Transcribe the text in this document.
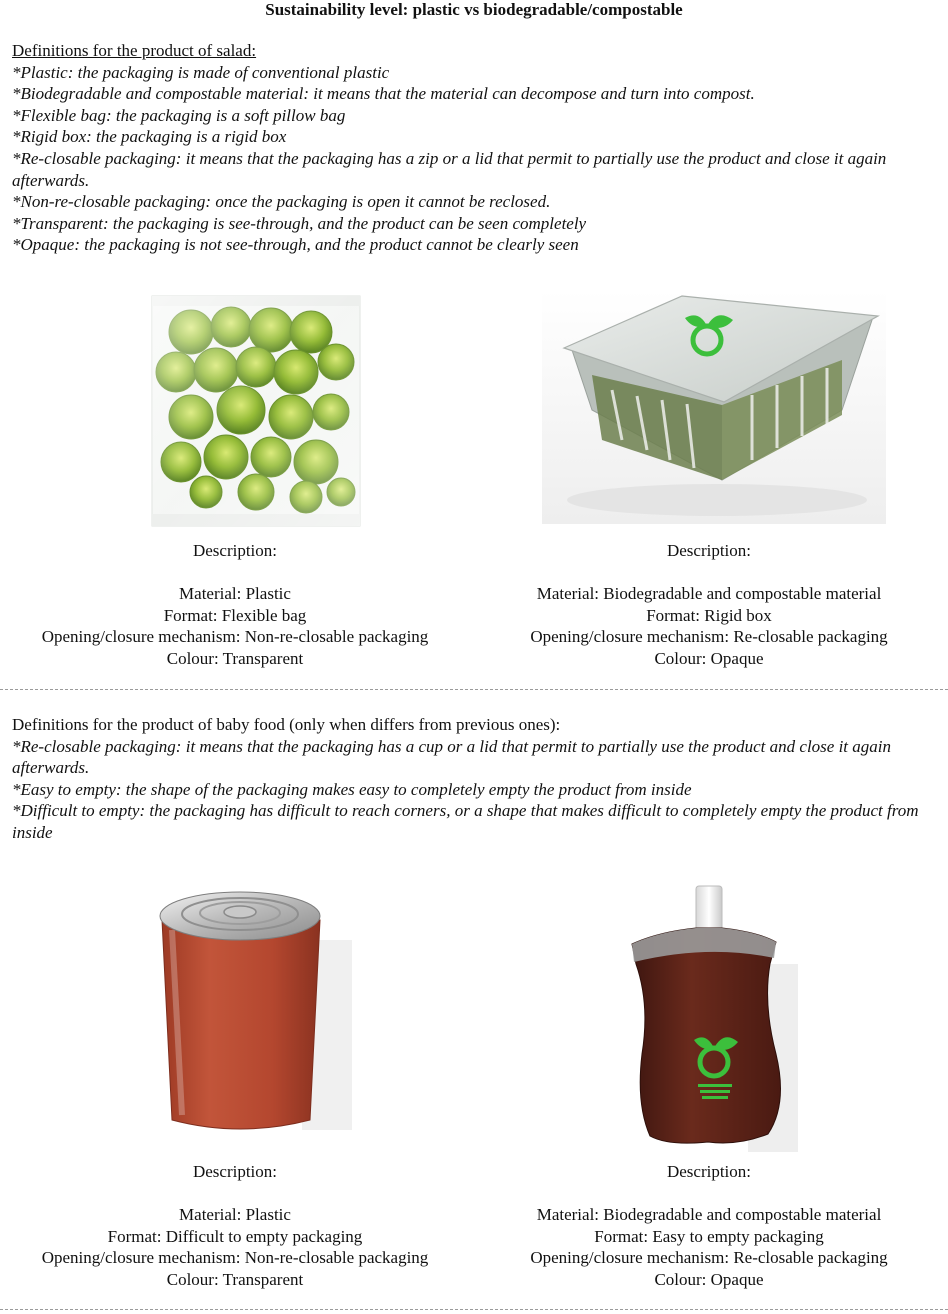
Sustainability level: plastic vs biodegradable/compostable
Definitions for the product of salad:
*Plastic: the packaging is made of conventional plastic
*Biodegradable and compostable material: it means that the material can decompose and turn into compost.
*Flexible bag: the packaging is a soft pillow bag
*Rigid box: the packaging is a rigid box
*Re-closable packaging: it means that the packaging has a zip or a lid that permit to partially use the product and close it again afterwards.
*Non-re-closable packaging: once the packaging is open it cannot be reclosed.
*Transparent: the packaging is see-through, and the product can be seen completely
*Opaque: the packaging is not see-through, and the product cannot be clearly seen
Description:
Material: Plastic
Format: Flexible bag
Opening/closure mechanism: Non-re-closable packaging
Colour: Transparent
Description:
Material: Biodegradable and compostable material
Format: Rigid box
Opening/closure mechanism: Re-closable packaging
Colour: Opaque
Definitions for the product of baby food (only when differs from previous ones):
*Re-closable packaging: it means that the packaging has a cup or a lid that permit to partially use the product and close it again afterwards.
*Easy to empty: the shape of the packaging makes easy to completely empty the product from inside
*Difficult to empty: the packaging has difficult to reach corners, or a shape that makes difficult to completely empty the product from inside
Description:
Material: Plastic
Format: Difficult to empty packaging
Opening/closure mechanism: Non-re-closable packaging
Colour: Transparent
Description:
Material: Biodegradable and compostable material
Format: Easy to empty packaging
Opening/closure mechanism: Re-closable packaging
Colour: Opaque
